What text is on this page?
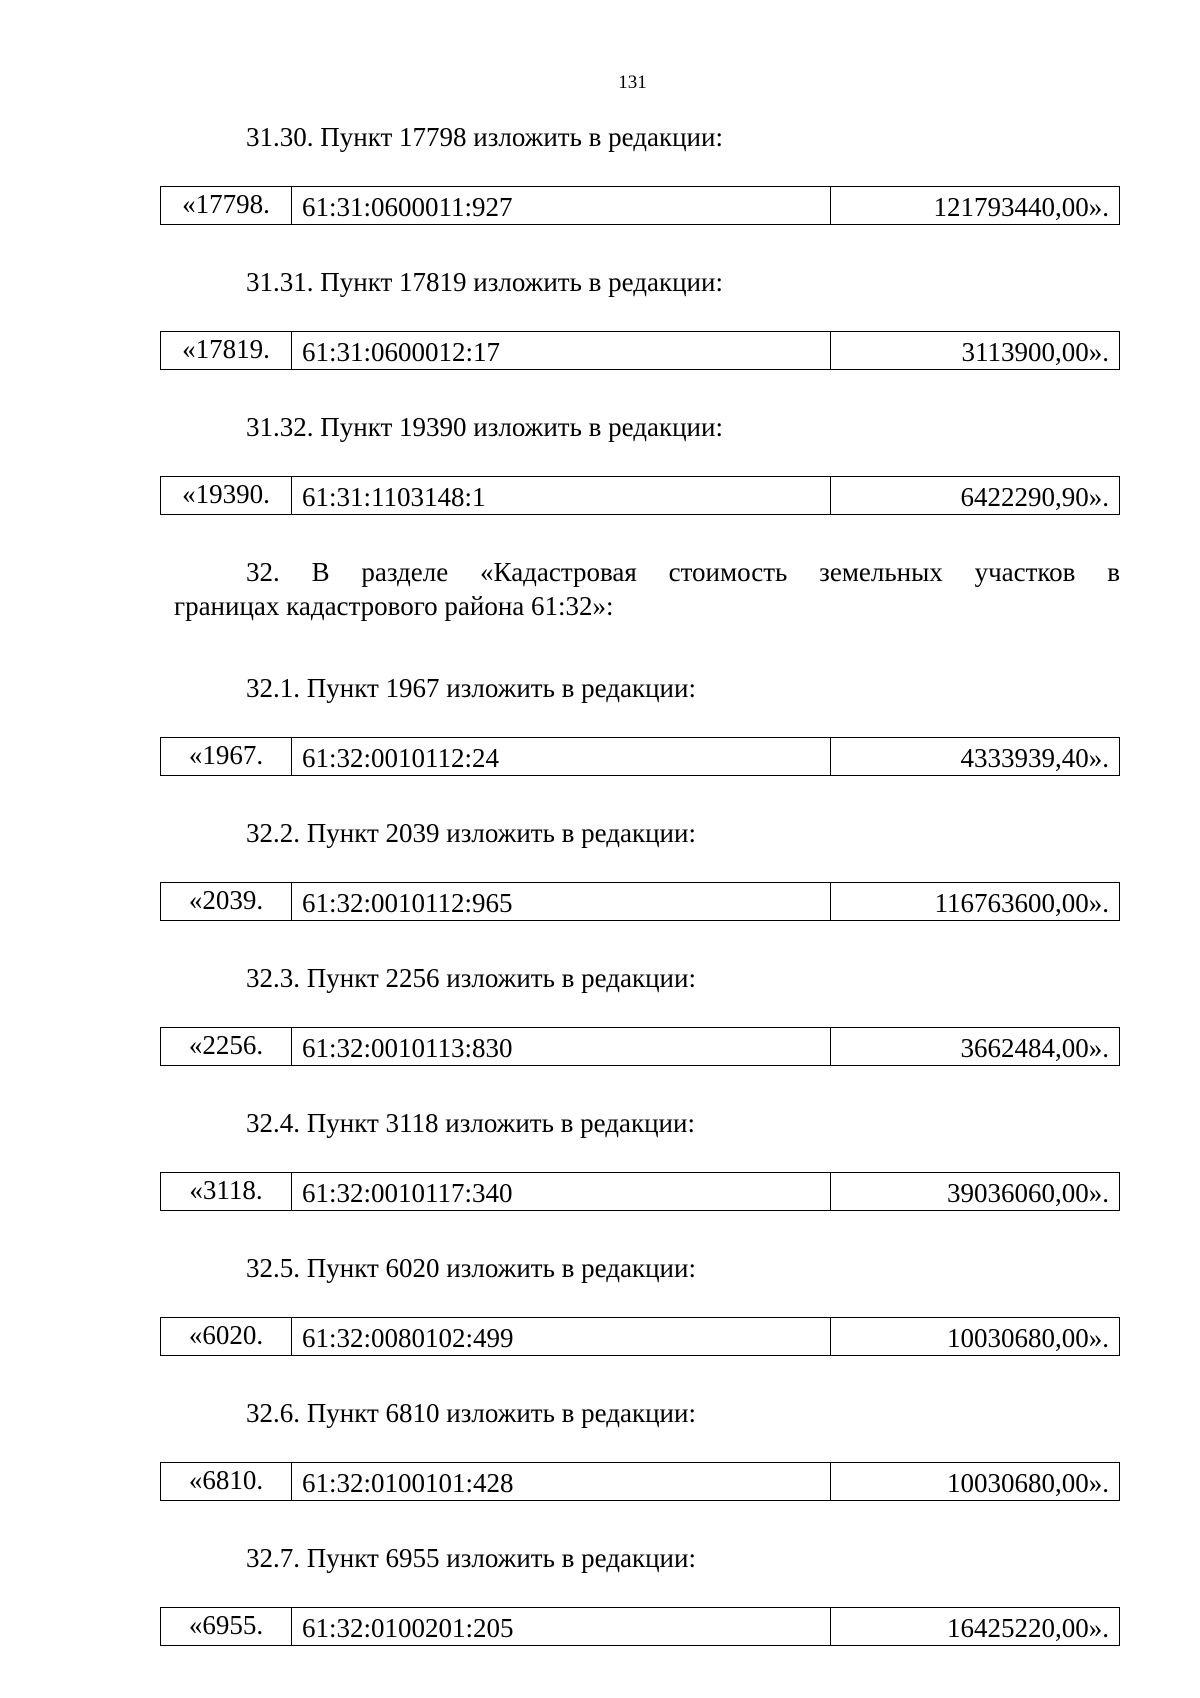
131

31.30. Пункт 17798 изложить в редакции:

«17798.	61:31:0600011:927	121793440,00».

31.31. Пункт 17819 изложить в редакции:

«17819.	61:31:0600012:17	3113900,00».

31.32. Пункт 19390 изложить в редакции:

«19390.	61:31:1103148:1	6422290,90».

32. В разделе «Кадастровая стоимость земельных участков в
границах кадастрового района 61:32»:

32.1. Пункт 1967 изложить в редакции:

«1967.	61:32:0010112:24	4333939,40».

32.2. Пункт 2039 изложить в редакции:

«2039.	61:32:0010112:965	116763600,00».

32.3. Пункт 2256 изложить в редакции:

«2256.	61:32:0010113:830	3662484,00».

32.4. Пункт 3118 изложить в редакции:

«3118.	61:32:0010117:340	39036060,00».

32.5. Пункт 6020 изложить в редакции:

«6020.	61:32:0080102:499	10030680,00».

32.6. Пункт 6810 изложить в редакции:

«6810.	61:32:0100101:428	10030680,00».

32.7. Пункт 6955 изложить в редакции:

«6955.	61:32:0100201:205	16425220,00».
